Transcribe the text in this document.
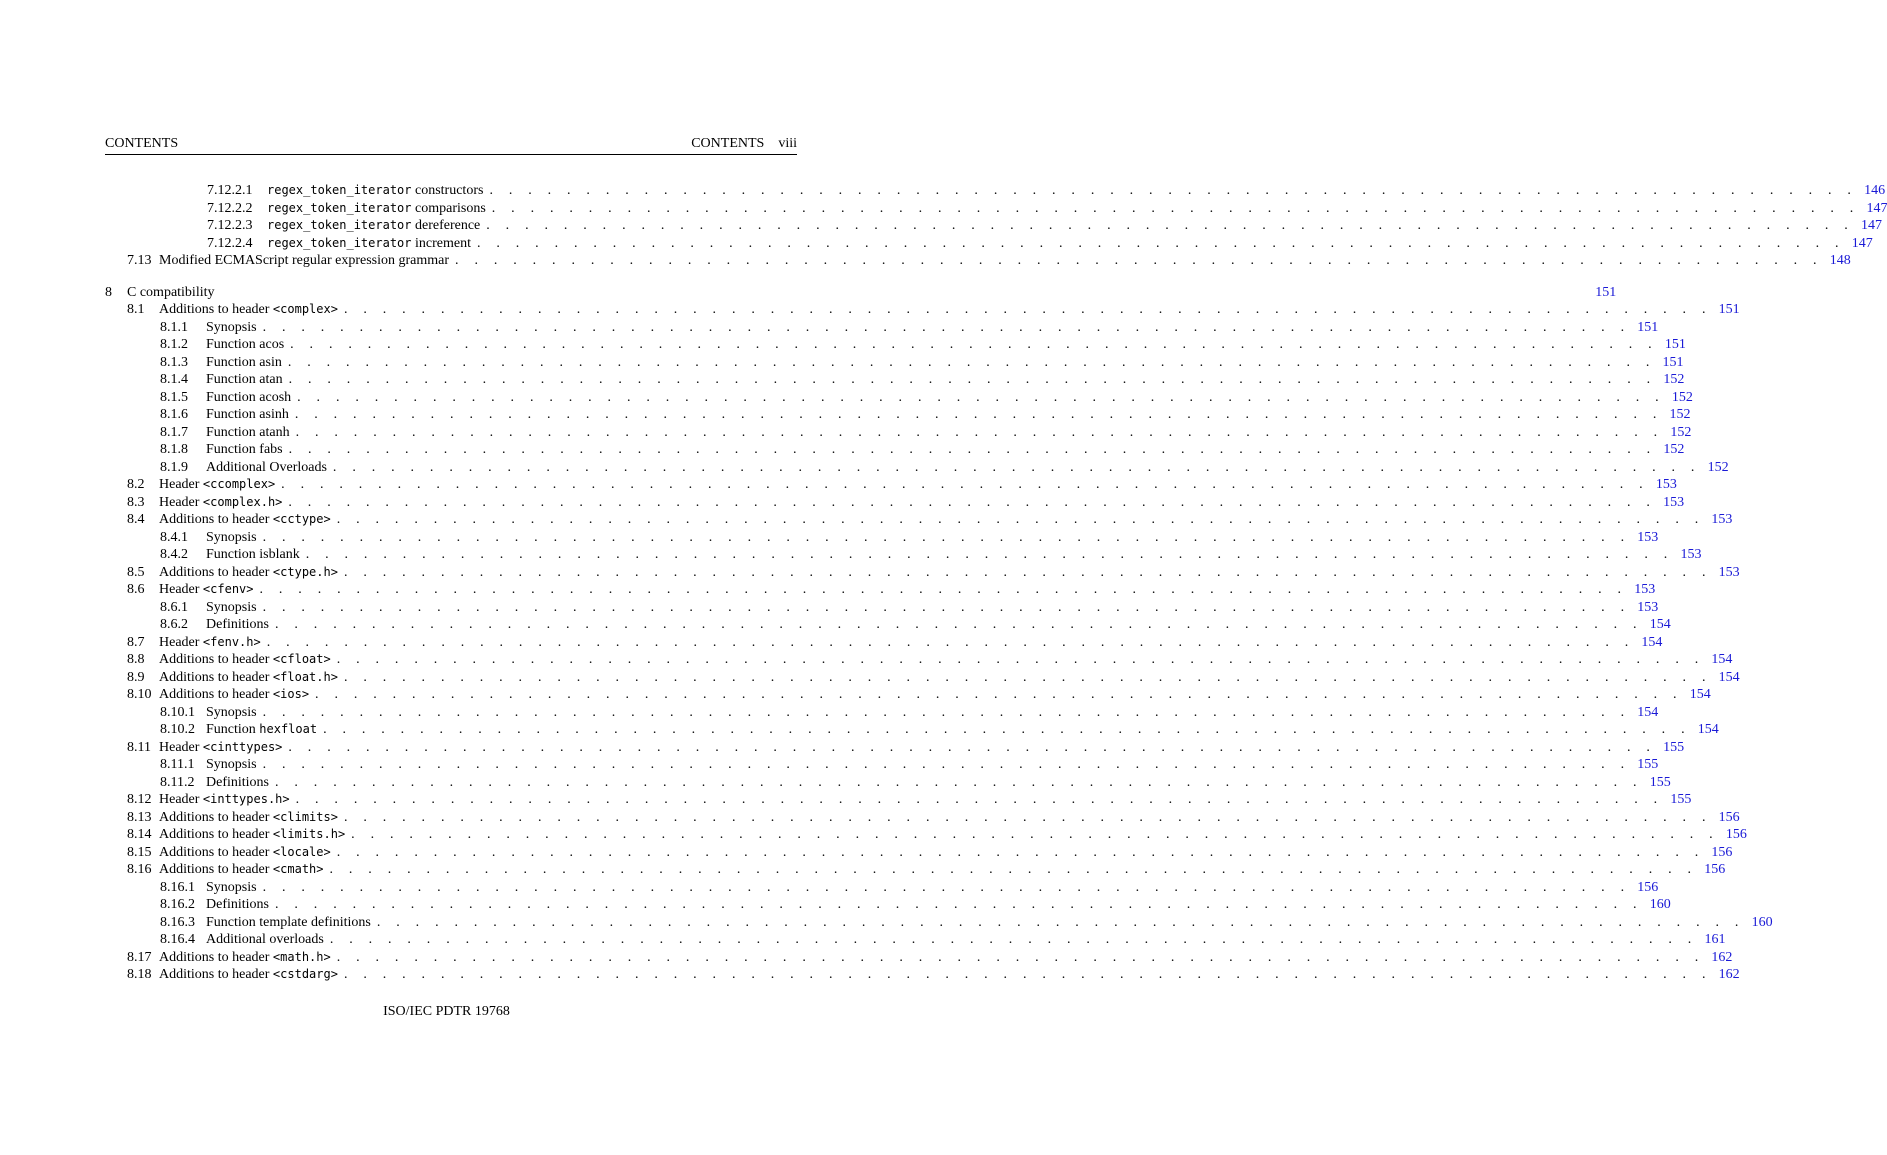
CONTENTS	CONTENTS viii
7.12.2.1	regex_token_iterator constructors . . . . . . . . . . . . . . . . . . . . . . . . . . . . . . . . . . . . . . . . . . . . . . . . . . . . . . . . . . . . . . . . . . . . . . . 146
7.12.2.2	regex_token_iterator comparisons . . . . . . . . . . . . . . . . . . . . . . . . . . . . . . . . . . . . . . . . . . . . . . . . . . . . . . . . . . . . . . . . . . . . . . . 147
7.12.2.3	regex_token_iterator dereference . . . . . . . . . . . . . . . . . . . . . . . . . . . . . . . . . . . . . . . . . . . . . . . . . . . . . . . . . . . . . . . . . . . . . . . 147
7.12.2.4	regex_token_iterator increment . . . . . . . . . . . . . . . . . . . . . . . . . . . . . . . . . . . . . . . . . . . . . . . . . . . . . . . . . . . . . . . . . . . . . . . 147
7.13 Modified ECMAScript regular expression grammar . . . . . . . . . . . . . . . . . . . . . . . . . . . . . . . . . . . . . . . . . . . . . . . . . . . . . . . . . . . . . . . . . . . . . . . 148
8	C compatibility	151
8.1	Additions to header <complex> . . . . . . . . . . . . . . . . . . . . . . . . . . . . . . . . . . . . . . . . . . . . . . . . . . . . . . . . . . . . . . . . . . . . . . . 151
8.1.1	Synopsis . . . . . . . . . . . . . . . . . . . . . . . . . . . . . . . . . . . . . . . . . . . . . . . . . . . . . . . . . . . . . . . . . . . . . . . 151
8.1.2	Function acos . . . . . . . . . . . . . . . . . . . . . . . . . . . . . . . . . . . . . . . . . . . . . . . . . . . . . . . . . . . . . . . . . . . . . . . 151
8.1.3	Function asin . . . . . . . . . . . . . . . . . . . . . . . . . . . . . . . . . . . . . . . . . . . . . . . . . . . . . . . . . . . . . . . . . . . . . . . 151
8.1.4	Function atan . . . . . . . . . . . . . . . . . . . . . . . . . . . . . . . . . . . . . . . . . . . . . . . . . . . . . . . . . . . . . . . . . . . . . . . 152
8.1.5	Function acosh . . . . . . . . . . . . . . . . . . . . . . . . . . . . . . . . . . . . . . . . . . . . . . . . . . . . . . . . . . . . . . . . . . . . . . . 152
8.1.6	Function asinh . . . . . . . . . . . . . . . . . . . . . . . . . . . . . . . . . . . . . . . . . . . . . . . . . . . . . . . . . . . . . . . . . . . . . . . 152
8.1.7	Function atanh . . . . . . . . . . . . . . . . . . . . . . . . . . . . . . . . . . . . . . . . . . . . . . . . . . . . . . . . . . . . . . . . . . . . . . . 152
8.1.8	Function fabs . . . . . . . . . . . . . . . . . . . . . . . . . . . . . . . . . . . . . . . . . . . . . . . . . . . . . . . . . . . . . . . . . . . . . . . 152
8.1.9	Additional Overloads . . . . . . . . . . . . . . . . . . . . . . . . . . . . . . . . . . . . . . . . . . . . . . . . . . . . . . . . . . . . . . . . . . . . . . . 152
8.2	Header <ccomplex> . . . . . . . . . . . . . . . . . . . . . . . . . . . . . . . . . . . . . . . . . . . . . . . . . . . . . . . . . . . . . . . . . . . . . . . 153
8.3	Header <complex.h> . . . . . . . . . . . . . . . . . . . . . . . . . . . . . . . . . . . . . . . . . . . . . . . . . . . . . . . . . . . . . . . . . . . . . . . 153
8.4	Additions to header <cctype> . . . . . . . . . . . . . . . . . . . . . . . . . . . . . . . . . . . . . . . . . . . . . . . . . . . . . . . . . . . . . . . . . . . . . . . 153
8.4.1	Synopsis . . . . . . . . . . . . . . . . . . . . . . . . . . . . . . . . . . . . . . . . . . . . . . . . . . . . . . . . . . . . . . . . . . . . . . . 153
8.4.2	Function isblank . . . . . . . . . . . . . . . . . . . . . . . . . . . . . . . . . . . . . . . . . . . . . . . . . . . . . . . . . . . . . . . . . . . . . . . 153
8.5	Additions to header <ctype.h> . . . . . . . . . . . . . . . . . . . . . . . . . . . . . . . . . . . . . . . . . . . . . . . . . . . . . . . . . . . . . . . . . . . . . . . 153
8.6	Header <cfenv> . . . . . . . . . . . . . . . . . . . . . . . . . . . . . . . . . . . . . . . . . . . . . . . . . . . . . . . . . . . . . . . . . . . . . . . 153
8.6.1	Synopsis . . . . . . . . . . . . . . . . . . . . . . . . . . . . . . . . . . . . . . . . . . . . . . . . . . . . . . . . . . . . . . . . . . . . . . . 153
8.6.2	Definitions . . . . . . . . . . . . . . . . . . . . . . . . . . . . . . . . . . . . . . . . . . . . . . . . . . . . . . . . . . . . . . . . . . . . . . . 154
8.7	Header <fenv.h> . . . . . . . . . . . . . . . . . . . . . . . . . . . . . . . . . . . . . . . . . . . . . . . . . . . . . . . . . . . . . . . . . . . . . . . 154
8.8	Additions to header <cfloat> . . . . . . . . . . . . . . . . . . . . . . . . . . . . . . . . . . . . . . . . . . . . . . . . . . . . . . . . . . . . . . . . . . . . . . . 154
8.9	Additions to header <float.h> . . . . . . . . . . . . . . . . . . . . . . . . . . . . . . . . . . . . . . . . . . . . . . . . . . . . . . . . . . . . . . . . . . . . . . . 154
8.10 Additions to header <ios> . . . . . . . . . . . . . . . . . . . . . . . . . . . . . . . . . . . . . . . . . . . . . . . . . . . . . . . . . . . . . . . . . . . . . . . 154
8.10.1 Synopsis . . . . . . . . . . . . . . . . . . . . . . . . . . . . . . . . . . . . . . . . . . . . . . . . . . . . . . . . . . . . . . . . . . . . . . . 154
8.10.2 Function hexfloat . . . . . . . . . . . . . . . . . . . . . . . . . . . . . . . . . . . . . . . . . . . . . . . . . . . . . . . . . . . . . . . . . . . . . . . 154
8.11 Header <cinttypes> . . . . . . . . . . . . . . . . . . . . . . . . . . . . . . . . . . . . . . . . . . . . . . . . . . . . . . . . . . . . . . . . . . . . . . . 155
8.11.1 Synopsis . . . . . . . . . . . . . . . . . . . . . . . . . . . . . . . . . . . . . . . . . . . . . . . . . . . . . . . . . . . . . . . . . . . . . . . 155
8.11.2 Definitions . . . . . . . . . . . . . . . . . . . . . . . . . . . . . . . . . . . . . . . . . . . . . . . . . . . . . . . . . . . . . . . . . . . . . . . 155
8.12 Header <inttypes.h> . . . . . . . . . . . . . . . . . . . . . . . . . . . . . . . . . . . . . . . . . . . . . . . . . . . . . . . . . . . . . . . . . . . . . . . 155
8.13 Additions to header <climits> . . . . . . . . . . . . . . . . . . . . . . . . . . . . . . . . . . . . . . . . . . . . . . . . . . . . . . . . . . . . . . . . . . . . . . . 156
8.14 Additions to header <limits.h> . . . . . . . . . . . . . . . . . . . . . . . . . . . . . . . . . . . . . . . . . . . . . . . . . . . . . . . . . . . . . . . . . . . . . . . 156
8.15 Additions to header <locale> . . . . . . . . . . . . . . . . . . . . . . . . . . . . . . . . . . . . . . . . . . . . . . . . . . . . . . . . . . . . . . . . . . . . . . . 156
8.16 Additions to header <cmath> . . . . . . . . . . . . . . . . . . . . . . . . . . . . . . . . . . . . . . . . . . . . . . . . . . . . . . . . . . . . . . . . . . . . . . . 156
8.16.1 Synopsis . . . . . . . . . . . . . . . . . . . . . . . . . . . . . . . . . . . . . . . . . . . . . . . . . . . . . . . . . . . . . . . . . . . . . . . 156
8.16.2 Definitions . . . . . . . . . . . . . . . . . . . . . . . . . . . . . . . . . . . . . . . . . . . . . . . . . . . . . . . . . . . . . . . . . . . . . . . 160
8.16.3 Function template definitions . . . . . . . . . . . . . . . . . . . . . . . . . . . . . . . . . . . . . . . . . . . . . . . . . . . . . . . . . . . . . . . . . . . . . . . 160
8.16.4 Additional overloads . . . . . . . . . . . . . . . . . . . . . . . . . . . . . . . . . . . . . . . . . . . . . . . . . . . . . . . . . . . . . . . . . . . . . . . 161
8.17 Additions to header <math.h> . . . . . . . . . . . . . . . . . . . . . . . . . . . . . . . . . . . . . . . . . . . . . . . . . . . . . . . . . . . . . . . . . . . . . . . 162
8.18 Additions to header <cstdarg> . . . . . . . . . . . . . . . . . . . . . . . . . . . . . . . . . . . . . . . . . . . . . . . . . . . . . . . . . . . . . . . . . . . . . . . 162
ISO/IEC PDTR 19768
